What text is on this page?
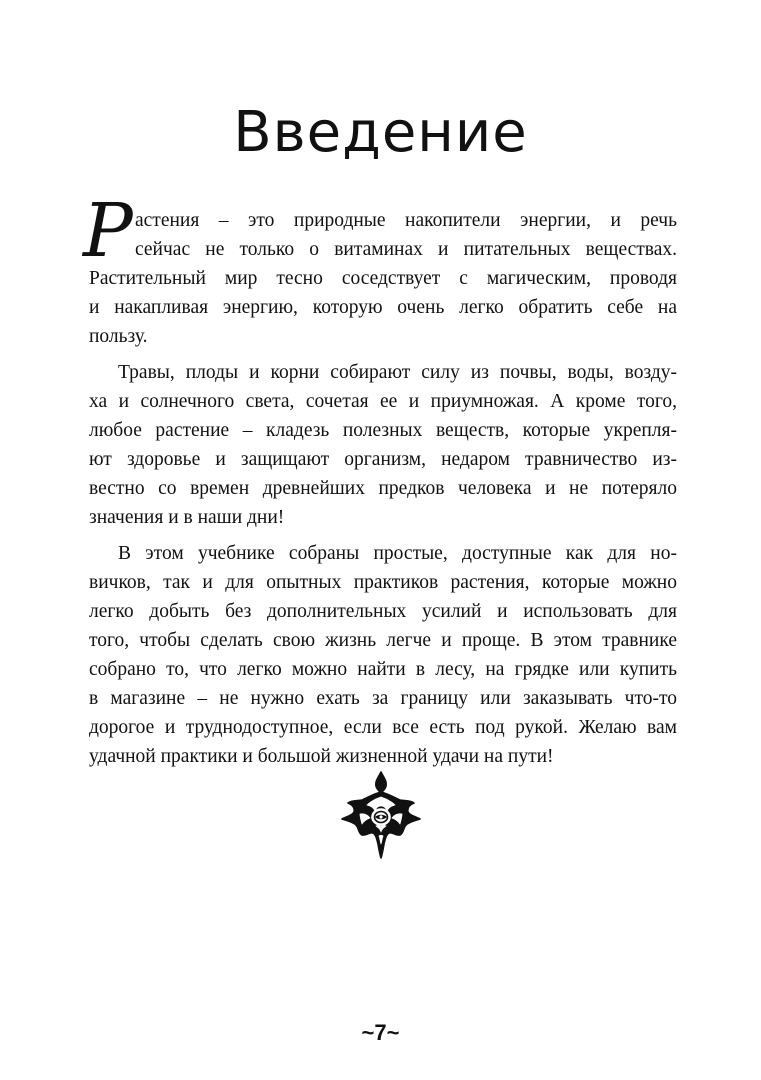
Введение

Р астения – это природные накопители энергии, и речь
сейчас не только о витаминах и питательных веществах.
Растительный мир тесно соседствует с магическим, проводя
и накапливая энергию, которую очень легко обратить себе на
пользу.

Травы, плоды и корни собирают силу из почвы, воды, возду-
ха и солнечного света, сочетая ее и приумножая. А кроме того,
любое растение – кладезь полезных веществ, которые укрепля-
ют здоровье и защищают организм, недаром травничество из-
вестно со времен древнейших предков человека и не потеряло
значения и в наши дни!

В этом учебнике собраны простые, доступные как для но-
вичков, так и для опытных практиков растения, которые можно
легко добыть без дополнительных усилий и использовать для
того, чтобы сделать свою жизнь легче и проще. В этом травнике
собрано то, что легко можно найти в лесу, на грядке или купить
в магазине – не нужно ехать за границу или заказывать что-то
дорогое и труднодоступное, если все есть под рукой. Желаю вам
удачной практики и большой жизненной удачи на пути!

~7~
